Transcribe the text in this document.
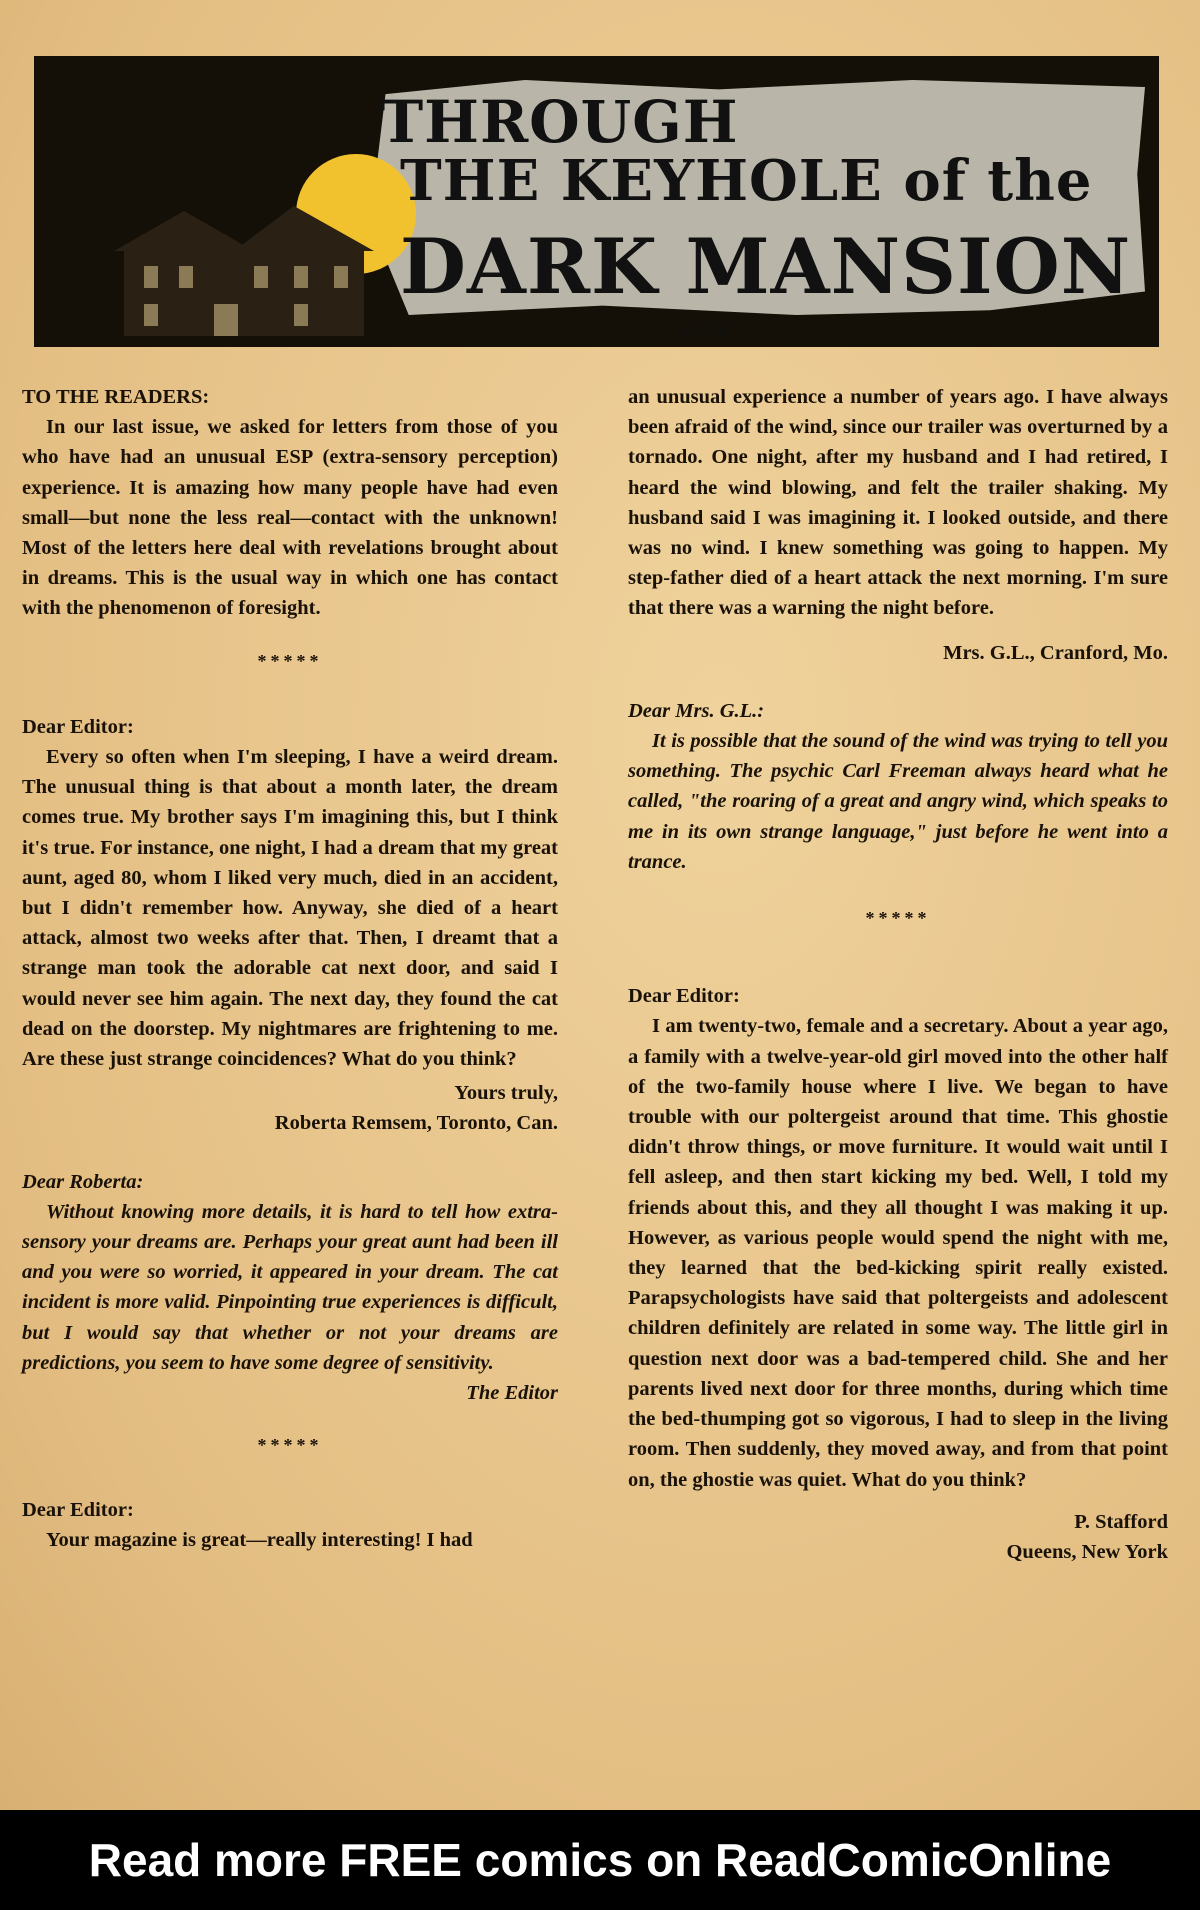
THROUGH
THE KEYHOLE of the
DARK MANSION
D-728

TO THE READERS:

In our last issue, we asked for letters from those of you who have had an unusual ESP (extra-sensory perception) experience. It is amazing how many people have had even small—but none the less real—contact with the unknown! Most of the letters here deal with revelations brought about in dreams. This is the usual way in which one has contact with the phenomenon of foresight.

*****

Dear Editor:

Every so often when I'm sleeping, I have a weird dream. The unusual thing is that about a month later, the dream comes true. My brother says I'm imagining this, but I think it's true. For instance, one night, I had a dream that my great aunt, aged 80, whom I liked very much, died in an accident, but I didn't remember how. Anyway, she died of a heart attack, almost two weeks after that. Then, I dreamt that a strange man took the adorable cat next door, and said I would never see him again. The next day, they found the cat dead on the doorstep. My nightmares are frightening to me. Are these just strange coincidences? What do you think?

Yours truly,

Roberta Remsem, Toronto, Can.

Dear Roberta:

Without knowing more details, it is hard to tell how extra-sensory your dreams are. Perhaps your great aunt had been ill and you were so worried, it appeared in your dream. The cat incident is more valid. Pinpointing true experiences is difficult, but I would say that whether or not your dreams are predictions, you seem to have some degree of sensitivity.

The Editor

*****

Dear Editor:

Your magazine is great—really interesting! I had

an unusual experience a number of years ago. I have always been afraid of the wind, since our trailer was overturned by a tornado. One night, after my husband and I had retired, I heard the wind blowing, and felt the trailer shaking. My husband said I was imagining it. I looked outside, and there was no wind. I knew something was going to happen. My step-father died of a heart attack the next morning. I'm sure that there was a warning the night before.

Mrs. G.L., Cranford, Mo.

Dear Mrs. G.L.:

It is possible that the sound of the wind was trying to tell you something. The psychic Carl Freeman always heard what he called, "the roaring of a great and angry wind, which speaks to me in its own strange language," just before he went into a trance.

*****

Dear Editor:

I am twenty-two, female and a secretary. About a year ago, a family with a twelve-year-old girl moved into the other half of the two-family house where I live. We began to have trouble with our poltergeist around that time. This ghostie didn't throw things, or move furniture. It would wait until I fell asleep, and then start kicking my bed. Well, I told my friends about this, and they all thought I was making it up. However, as various people would spend the night with me, they learned that the bed-kicking spirit really existed. Parapsychologists have said that poltergeists and adolescent children definitely are related in some way. The little girl in question next door was a bad-tempered child. She and her parents lived next door for three months, during which time the bed-thumping got so vigorous, I had to sleep in the living room. Then suddenly, they moved away, and from that point on, the ghostie was quiet. What do you think?

P. Stafford

Queens, New York

Read more FREE comics on ReadComicOnline
